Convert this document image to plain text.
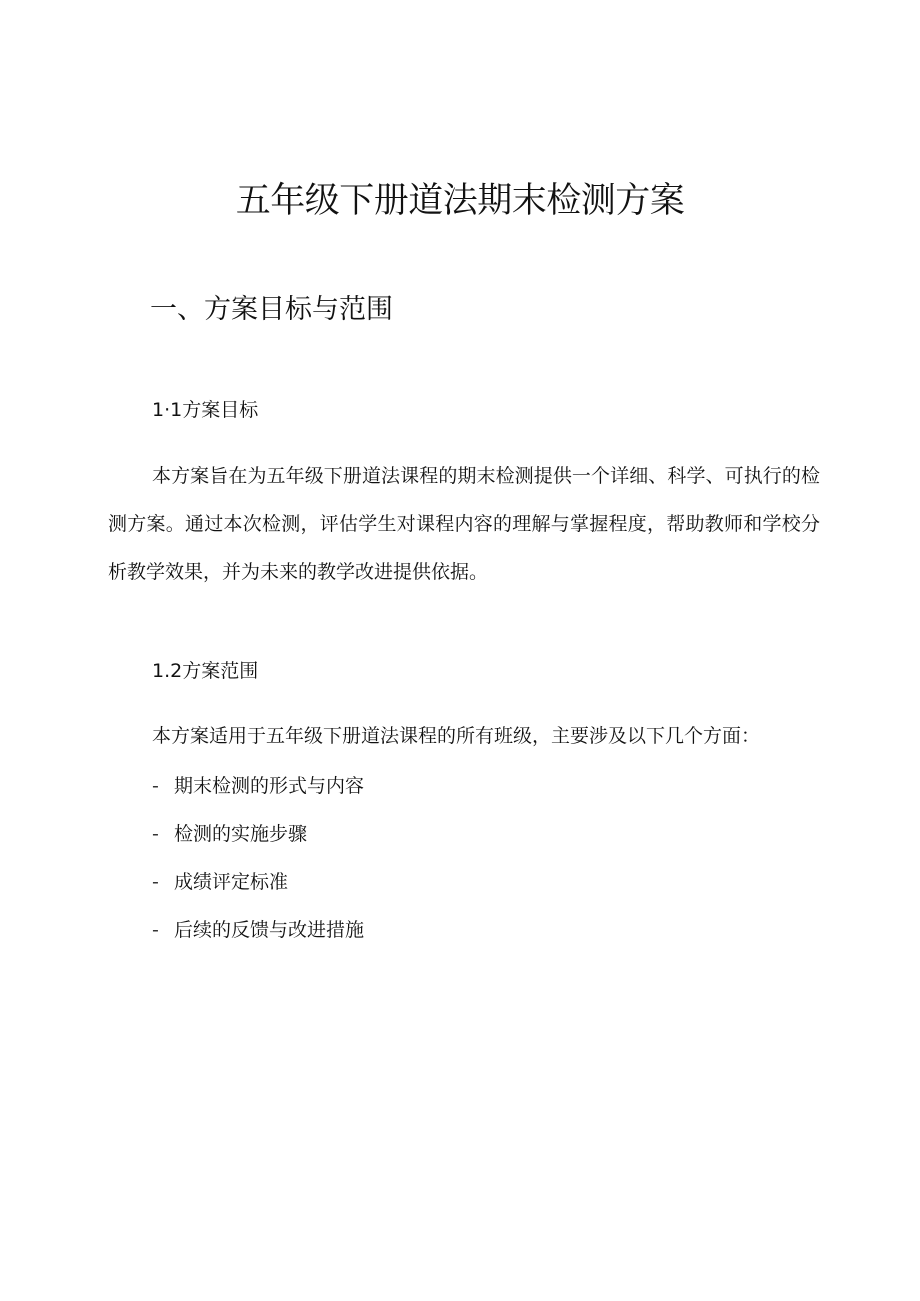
五年级下册道法期末检测方案
一、方案目标与范围
1·1方案目标

本方案旨在为五年级下册道法课程的期末检测提供一个详细、科学、可执行的检测方案。通过本次检测，评估学生对课程内容的理解与掌握程度，帮助教师和学校分析教学效果，并为未来的教学改进提供依据。

1.2方案范围

本方案适用于五年级下册道法课程的所有班级，主要涉及以下几个方面：

- 期末检测的形式与内容
- 检测的实施步骤
- 成绩评定标准
- 后续的反馈与改进措施
